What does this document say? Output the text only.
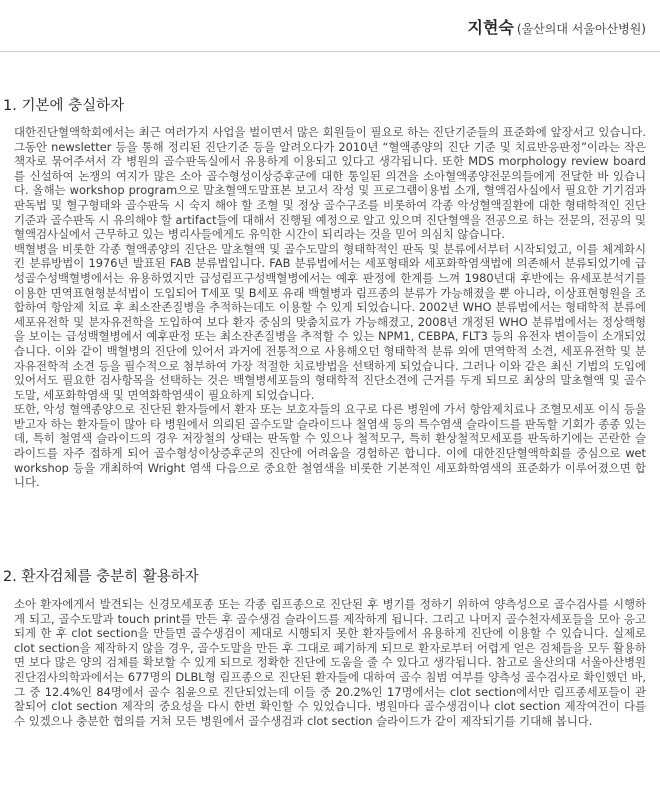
지현숙 (울산의대 서울아산병원)
1. 기본에 충실하자

대한진단혈액학회에서는 최근 여러가지 사업을 벌이면서 많은 회원들이 필요로 하는 진단기준들의 표준화에 앞장서고 있습니다. 그동안 newsletter 등을 통해 정리된 진단기준 등을 알려오다가 2010년 “혈액종양의 진단 기준 및 치료반응판정”이라는 작은 책자로 묶어주셔서 각 병원의 골수판독실에서 유용하게 이용되고 있다고 생각됩니다. 또한 MDS morphology review board를 신설하여 논쟁의 여지가 많은 소아 골수형성이상증후군에 대한 통일된 의견을 소아혈액종양전문의들에게 전달한 바 있습니다. 올해는 workshop program으로 말초혈액도말표본 보고서 작성 및 프로그램이용법 소개, 혈액검사실에서 필요한 기기검과 판독법 및 혈구형태와 골수판독 시 숙지 해야 할 조혈 및 정상 골수구조를 비롯하여 각종 악성혈액질환에 대한 형태학적인 진단기준과 골수판독 시 유의해야 할 artifact들에 대해서 진행될 예정으로 알고 있으며 진단혈액을 전공으로 하는 전문의, 전공의 및 혈액검사실에서 근무하고 있는 병리사들에게도 유익한 시간이 되리라는 것을 믿어 의심치 않습니다.

백혈병을 비롯한 각종 혈액종양의 진단은 말초혈액 및 골수도말의 형태학적인 판독 및 분류에서부터 시작되었고, 이를 체계화시킨 분류방법이 1976년 발표된 FAB 분류법입니다. FAB 분류법에서는 세포형태와 세포화학염색법에 의존해서 분류되었기에 급성골수성백혈병에서는 유용하였지만 급성림프구성백혈병에서는 예후 판정에 한계를 느껴 1980년대 후반에는 유세포분석기를 이용한 면역표현형분석법이 도입되어 T세포 및 B세포 유래 백혈병과 림프종의 분류가 가능해졌을 뿐 아니라, 이상표현형원을 조합하여 항암제 치료 후 최소잔존질병을 추적하는데도 이용할 수 있게 되었습니다. 2002년 WHO 분류법에서는 형태학적 분류에 세포유전학 및 분자유전학을 도입하여 보다 환자 중심의 맞춤치료가 가능해졌고, 2008년 개정된 WHO 분류법에서는 정상핵형을 보이는 급성백혈병에서 예후판정 또는 최소잔존질병을 추적할 수 있는 NPM1, CEBPA, FLT3 등의 유전자 변이들이 소개되었습니다. 이와 같이 백혈병의 진단에 있어서 과거에 전통적으로 사용해오던 형태학적 분류 외에 면역학적 소견, 세포유전학 및 분자유전학적 소견 등을 필수적으로 첨부하여 가장 적절한 치료방법을 선택하게 되었습니다. 그러나 이와 같은 최신 기법의 도입에 있어서도 필요한 검사항목을 선택하는 것은 백혈병세포들의 형태학적 진단소견에 근거를 두게 되므로 최상의 말초혈액 및 골수도말, 세포화학염색 및 면역화학염색이 필요하게 되었습니다.

또한, 악성 혈액종양으로 진단된 환자들에서 환자 또는 보호자들의 요구로 다른 병원에 가서 항암제치료나 조혈모세포 이식 등을 받고자 하는 환자들이 많아 타 병원에서 의뢰된 골수도말 슬라이드나 철염색 등의 특수염색 슬라이드를 판독할 기회가 종종 있는데, 특히 철염색 슬라이드의 경우 저장철의 상태는 판독할 수 있으나 철적모구, 특히 환상철적모세포를 판독하기에는 곤란한 슬라이드를 자주 접하게 되어 골수형성이상증후군의 진단에 어려움을 경험하곤 합니다. 이에 대한진단혈액학회를 중심으로 wet workshop 등을 개최하여 Wright 염색 다음으로 중요한 철염색을 비롯한 기본적인 세포화학염색의 표준화가 이루어졌으면 합니다.

2. 환자검체를 충분히 활용하자

소아 환자에게서 발견되는 신경모세포종 또는 각종 림프종으로 진단된 후 병기를 정하기 위하여 양측성으로 골수검사를 시행하게 되고, 골수도말과 touch print를 만든 후 골수생검 슬라이드를 제작하게 됩니다. 그리고 나머지 골수천자세포들을 모아 응고되게 한 후 clot section을 만들면 골수생검이 제대로 시행되지 못한 환자들에서 유용하게 진단에 이용할 수 있습니다. 실제로 clot section을 제작하지 않을 경우, 골수도말을 만든 후 그대로 폐기하게 되므로 환자로부터 어렵게 얻은 검체들을 모두 활용하면 보다 많은 양의 검체를 확보할 수 있게 되므로 정확한 진단에 도움을 줄 수 있다고 생각됩니다. 참고로 울산의대 서울아산병원 진단검사의학과에서는 677명의 DLBL형 림프종으로 진단된 환자들에 대하여 골수 침범 여부를 양측성 골수검사로 확인했던 바, 그 중 12.4%인 84명에서 골수 침윤으로 진단되었는데 이들 중 20.2%인 17명에서는 clot section에서만 림프종세포들이 관찰되어 clot section 제작의 중요성을 다시 한번 확인할 수 있었습니다. 병원마다 골수생검이나 clot section 제작여건이 다를 수 있겠으나 충분한 협의를 거쳐 모든 병원에서 골수생검과 clot section 슬라이드가 같이 제작되기를 기대해 봅니다.
